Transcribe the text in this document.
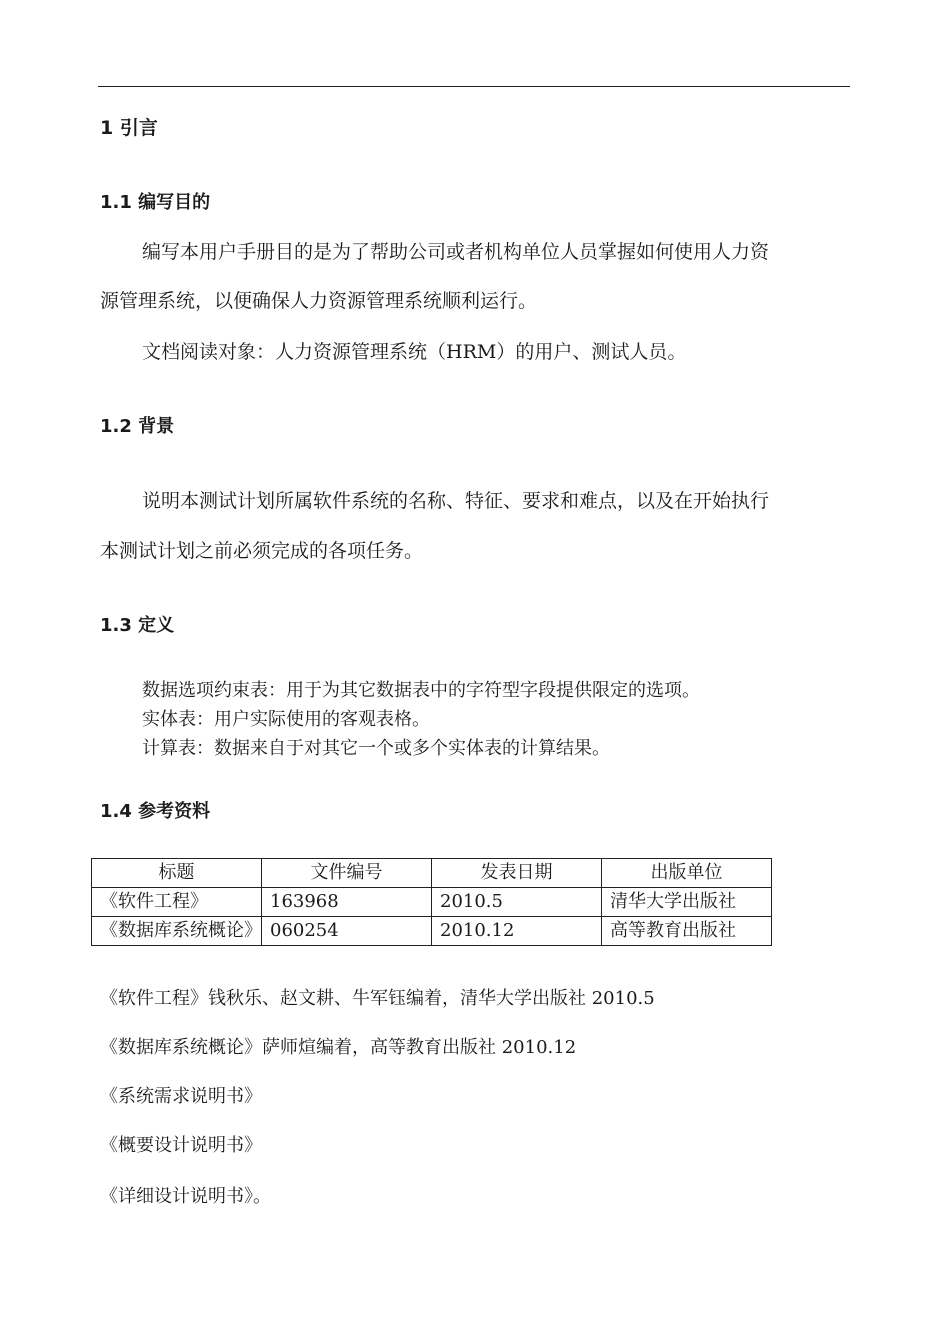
1 引言
1.1 编写目的
编写本用户手册目的是为了帮助公司或者机构单位人员掌握如何使用人力资
源管理系统，以便确保人力资源管理系统顺利运行。
文档阅读对象：人力资源管理系统（HRM）的用户、测试人员。
1.2 背景
说明本测试计划所属软件系统的名称、特征、要求和难点，以及在开始执行
本测试计划之前必须完成的各项任务。
1.3 定义
数据选项约束表：用于为其它数据表中的字符型字段提供限定的选项。
实体表：用户实际使用的客观表格。
计算表：数据来自于对其它一个或多个实体表的计算结果。
1.4 参考资料
标题	文件编号	发表日期	出版单位
《软件工程》	163968	2010.5	清华大学出版社
《数据库系统概论》	060254	2010.12	高等教育出版社
《软件工程》钱秋乐、赵文耕、牛军钰编着，清华大学出版社 2010.5
《数据库系统概论》萨师煊编着，高等教育出版社 2010.12
《系统需求说明书》
《概要设计说明书》
《详细设计说明书》。
